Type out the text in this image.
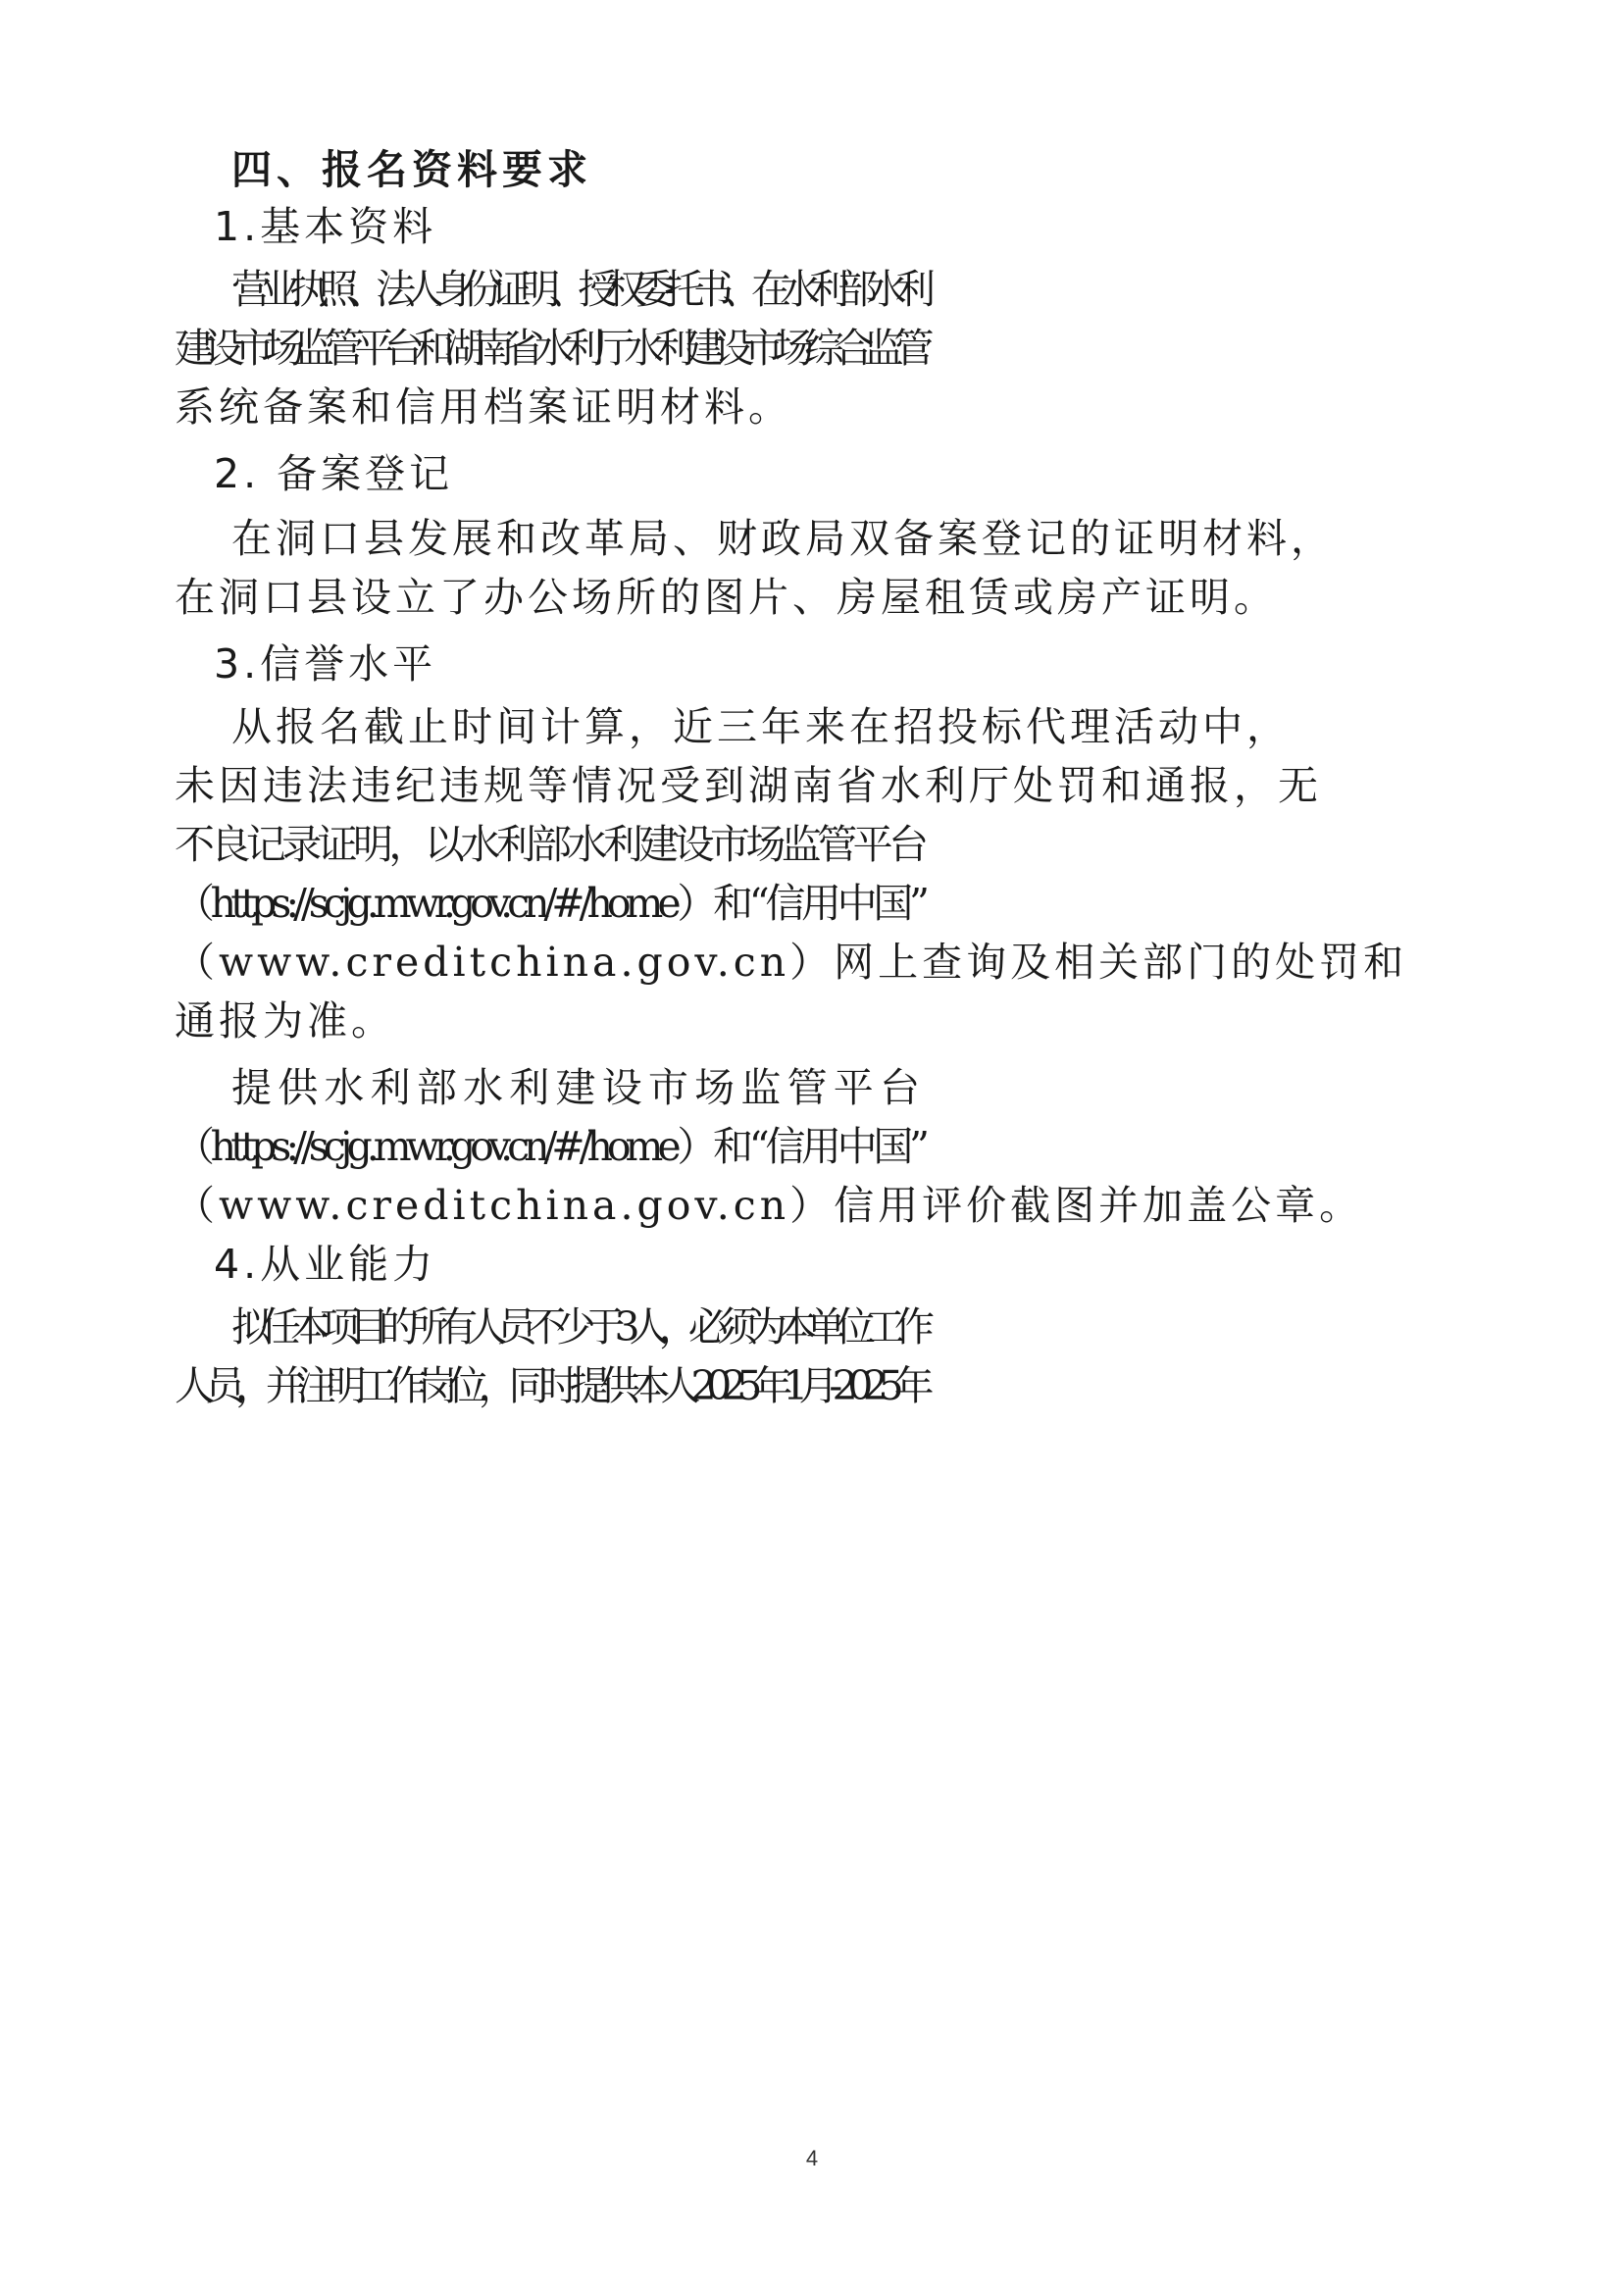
四、报名资料要求
1.基本资料
营业执照、法人身份证明、授权委托书、在水利部水利
建设市场监管平台和湖南省水利厅水利建设市场综合监管
系统备案和信用档案证明材料。
2. 备案登记
在洞口县发展和改革局、财政局双备案登记的证明材料，
在洞口县设立了办公场所的图片、房屋租赁或房产证明。
3.信誉水平
从报名截止时间计算，近三年来在招投标代理活动中，
未因违法违纪违规等情况受到湖南省水利厅处罚和通报，无
不良记录证明，以水利部水利建设市场监管平台
（https://scjg.mwr.gov.cn/#/home）和“信用中国”
（www.creditchina.gov.cn）网上查询及相关部门的处罚和
通报为准。
提供水利部水利建设市场监管平台
（https://scjg.mwr.gov.cn/#/home）和“信用中国”
（www.creditchina.gov.cn）信用评价截图并加盖公章。
4.从业能力
拟任本项目的所有人员不少于3人，必须为本单位工作
人员，并注明工作岗位，同时提供本人2025年1月-2025年
4
